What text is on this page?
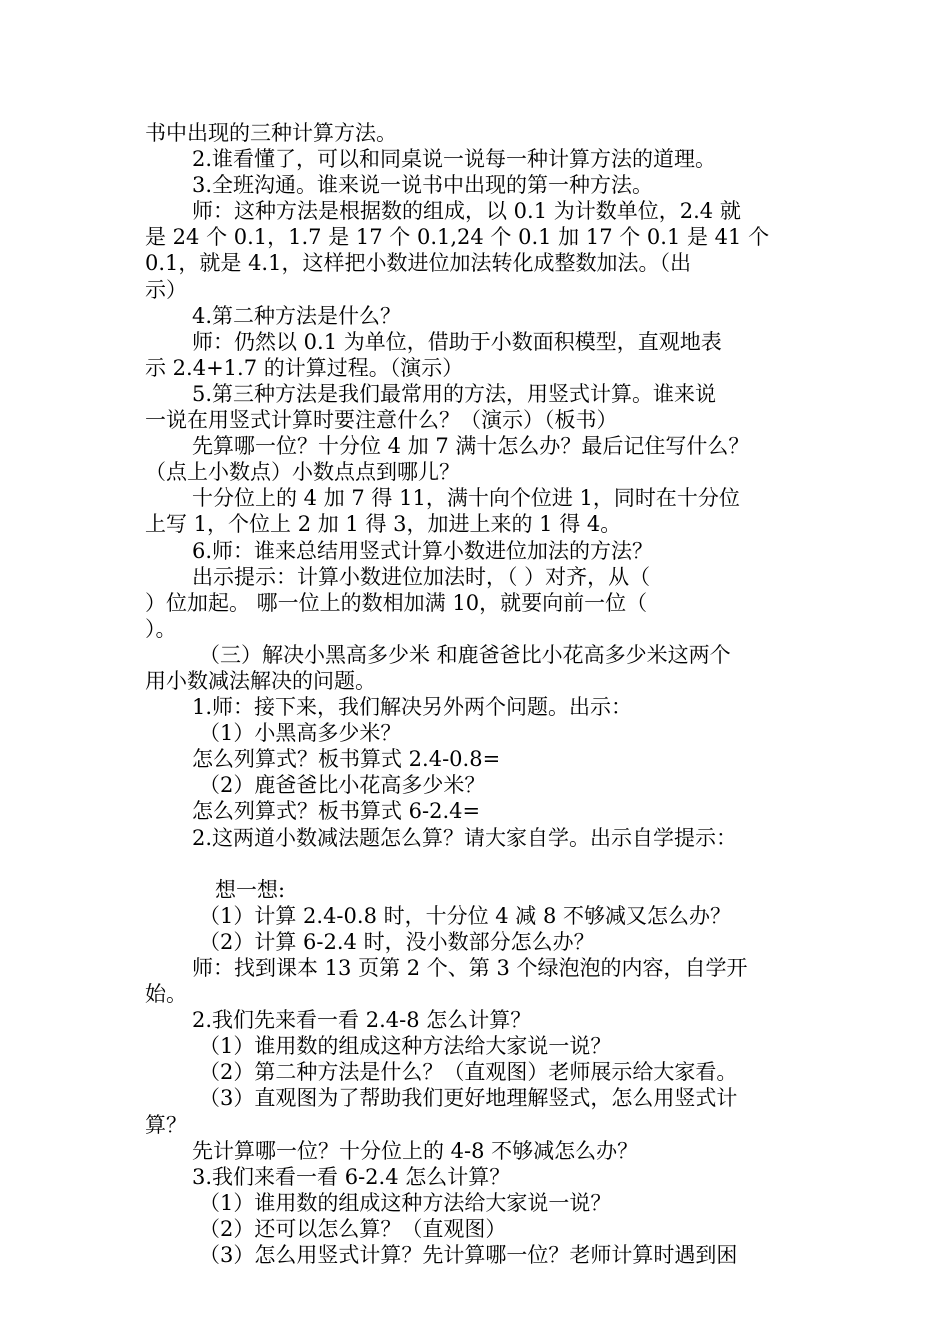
书中出现的三种计算方法。
2.谁看懂了，可以和同桌说一说每一种计算方法的道理。
3.全班沟通。谁来说一说书中出现的第一种方法。
师：这种方法是根据数的组成，以 0.1 为计数单位，2.4 就
是 24 个 0.1，1.7 是 17 个 0.1,24 个 0.1 加 17 个 0.1 是 41 个
0.1，就是 4.1，这样把小数进位加法转化成整数加法。（出
示）
4.第二种方法是什么？
师：仍然以 0.1 为单位，借助于小数面积模型，直观地表
示 2.4+1.7 的计算过程。（演示）
5.第三种方法是我们最常用的方法，用竖式计算。谁来说
一说在用竖式计算时要注意什么？（演示）（板书）
先算哪一位？十分位 4 加 7 满十怎么办？最后记住写什么？
（点上小数点）小数点点到哪儿？
十分位上的 4 加 7 得 11，满十向个位进 1，同时在十分位
上写 1，个位上 2 加 1 得 3，加进上来的 1 得 4。
6.师：谁来总结用竖式计算小数进位加法的方法？
出示提示：计算小数进位加法时，（ ）对齐，从（
）位加起。 哪一位上的数相加满 10，就要向前一位（
）。
（三）解决小黑高多少米 和鹿爸爸比小花高多少米这两个
用小数减法解决的问题。
1.师：接下来，我们解决另外两个问题。出示：
（1）小黑高多少米？
怎么列算式？板书算式 2.4-0.8=
（2）鹿爸爸比小花高多少米？
怎么列算式？板书算式 6-2.4=
2.这两道小数减法题怎么算？请大家自学。出示自学提示：
想一想:
（1）计算 2.4-0.8 时，十分位 4 减 8 不够减又怎么办？
（2）计算 6-2.4 时，没小数部分怎么办？
师：找到课本 13 页第 2 个、第 3 个绿泡泡的内容，自学开
始。
2.我们先来看一看 2.4-8 怎么计算？
（1）谁用数的组成这种方法给大家说一说？
（2）第二种方法是什么？（直观图）老师展示给大家看。
（3）直观图为了帮助我们更好地理解竖式，怎么用竖式计
算？
先计算哪一位？十分位上的 4-8 不够减怎么办？
3.我们来看一看 6-2.4 怎么计算？
（1）谁用数的组成这种方法给大家说一说？
（2）还可以怎么算？（直观图）
（3）怎么用竖式计算？先计算哪一位？老师计算时遇到困
